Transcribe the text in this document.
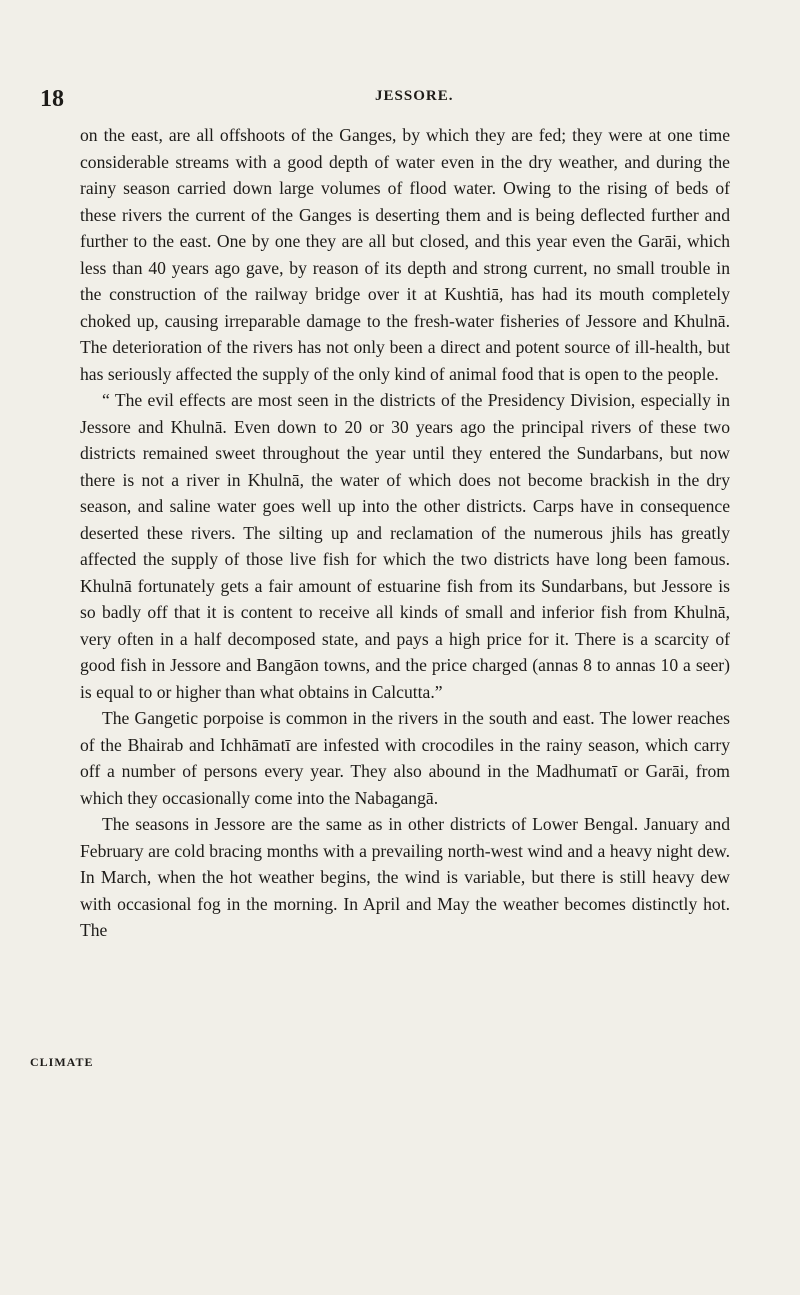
18	JESSORE.

on the east, are all offshoots of the Ganges, by which they are fed; they were at one time considerable streams with a good depth of water even in the dry weather, and during the rainy season carried down large volumes of flood water. Owing to the rising of beds of these rivers the current of the Ganges is deserting them and is being deflected further and further to the east. One by one they are all but closed, and this year even the Garāi, which less than 40 years ago gave, by reason of its depth and strong current, no small trouble in the construction of the railway bridge over it at Kushtiā, has had its mouth completely choked up, causing irreparable damage to the fresh-water fisheries of Jessore and Khulnā. The deterioration of the rivers has not only been a direct and potent source of ill-health, but has seriously affected the supply of the only kind of animal food that is open to the people.

“ The evil effects are most seen in the districts of the Presidency Division, especially in Jessore and Khulnā. Even down to 20 or 30 years ago the principal rivers of these two districts remained sweet throughout the year until they entered the Sundarbans, but now there is not a river in Khulnā, the water of which does not become brackish in the dry season, and saline water goes well up into the other districts. Carps have in consequence deserted these rivers. The silting up and reclamation of the numerous jhils has greatly affected the supply of those live fish for which the two districts have long been famous. Khulnā fortunately gets a fair amount of estuarine fish from its Sundarbans, but Jessore is so badly off that it is content to receive all kinds of small and inferior fish from Khulnā, very often in a half decomposed state, and pays a high price for it. There is a scarcity of good fish in Jessore and Bangāon towns, and the price charged (annas 8 to annas 10 a seer) is equal to or higher than what obtains in Calcutta.”

The Gangetic porpoise is common in the rivers in the south and east. The lower reaches of the Bhairab and Ichhāmatī are infested with crocodiles in the rainy season, which carry off a number of persons every year. They also abound in the Madhumatī or Garāi, from which they occasionally come into the Nabagangā.

The seasons in Jessore are the same as in other districts of Lower Bengal. January and February are cold bracing months with a prevailing north-west wind and a heavy night dew. In March, when the hot weather begins, the wind is variable, but there is still heavy dew with occasional fog in the morning. In April and May the weather becomes distinctly hot. The

CLIMATE
